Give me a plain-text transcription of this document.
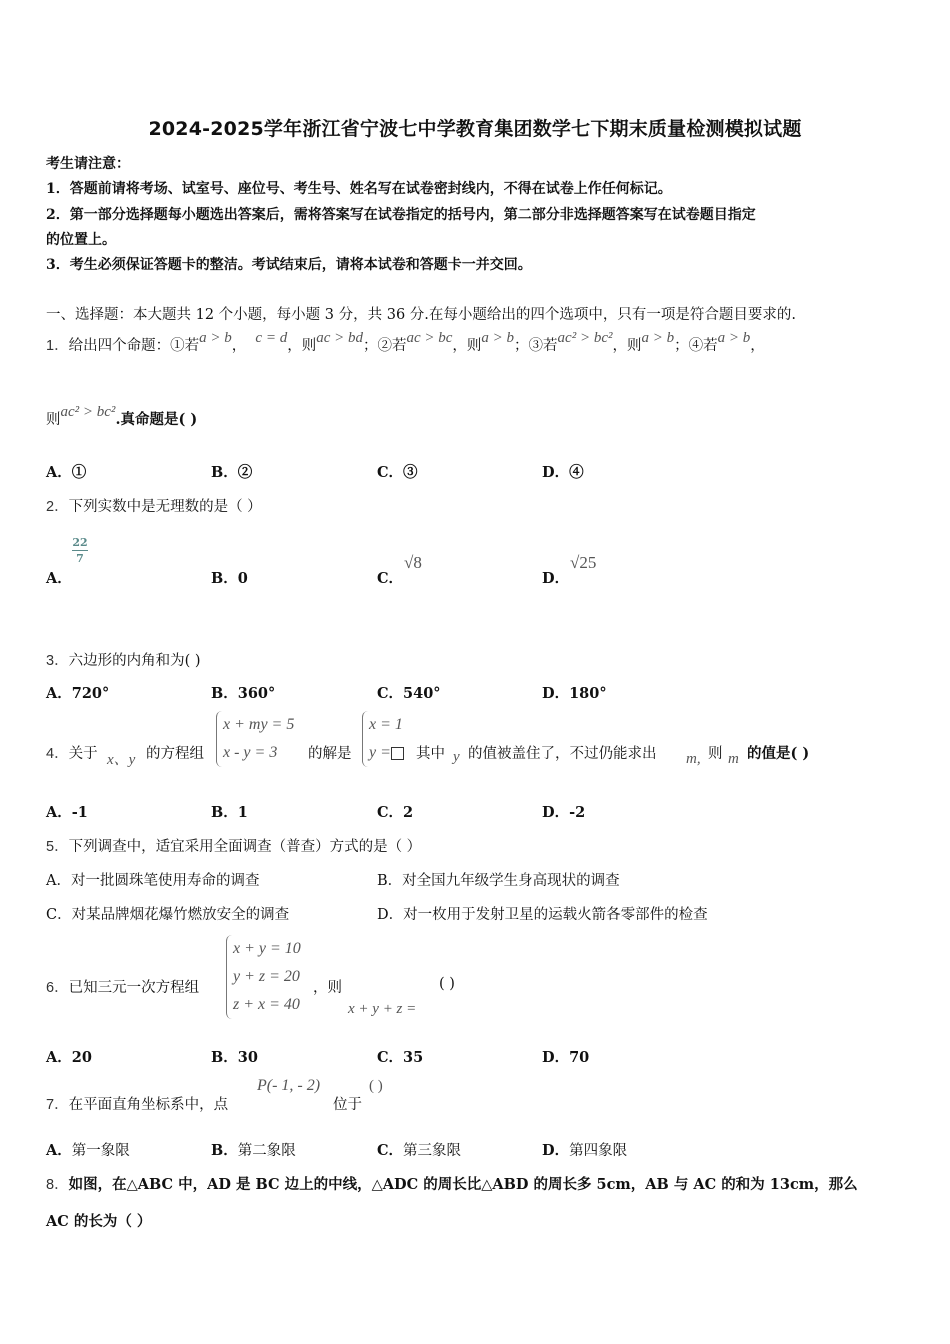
2024-2025学年浙江省宁波七中学教育集团数学七下期末质量检测模拟试题
考生请注意：
1．答题前请将考场、试室号、座位号、考生号、姓名写在试卷密封线内，不得在试卷上作任何标记。
2．第一部分选择题每小题选出答案后，需将答案写在试卷指定的括号内，第二部分非选择题答案写在试卷题目指定
的位置上。
3．考生必须保证答题卡的整洁。考试结束后，请将本试卷和答题卡一并交回。
一、选择题：本大题共 12 个小题，每小题 3 分，共 36 分.在每小题给出的四个选项中，只有一项是符合题目要求的.
1．给出四个命题：①若a > b， c = d，则ac > bd；②若ac > bc，则a > b；③若ac² > bc²，则a > b；④若a > b，
则ac² > bc².真命题是( )
A．①	B．②	C．③	D．④
2．下列实数中是无理数的是（ ）
A．
22
7
B．0	C．
√8
D．
√25
3．六边形的内角和为( )
A．720°	B．360°	C．540°	D．180°
4．关于 x、y 的方程组
x + my = 5
x - y = 3	的解是
x = 1
y =	其中 y 的值被盖住了，不过仍能求出 m, 则 m 的值是( )
A．-1	B．1	C．2	D．-2
5．下列调查中，适宜采用全面调查（普查）方式的是（ ）
A．对一批圆珠笔使用寿命的调查	B．对全国九年级学生身高现状的调查
C．对某品牌烟花爆竹燃放安全的调查	D．对一枚用于发射卫星的运载火箭各零部件的检查
6．已知三元一次方程组
x + y = 10
y + z = 20
z + x = 40
，则
x + y + z =
( )
A．20	B．30	C．35	D．70
7．在平面直角坐标系中，点
P(- 1, - 2)
位于
( )
A．第一象限	B．第二象限	C．第三象限	D．第四象限
8．如图，在△ABC 中，AD 是 BC 边上的中线，△ADC 的周长比△ABD 的周长多 5cm，AB 与 AC 的和为 13cm，那么
AC 的长为（ ）
